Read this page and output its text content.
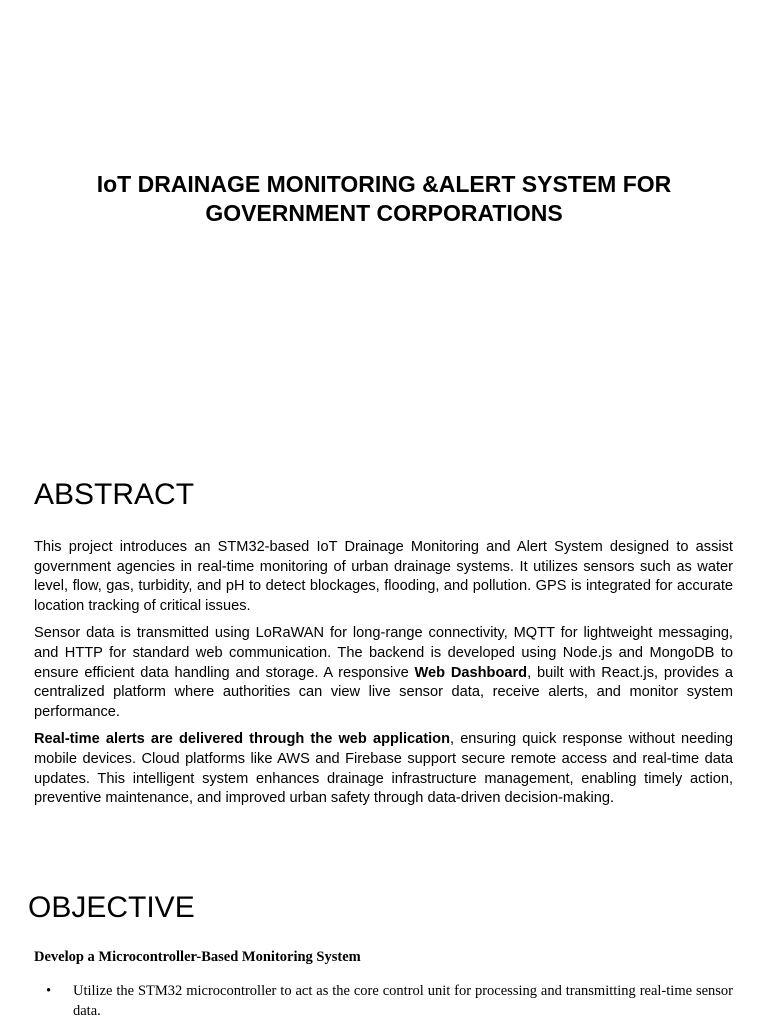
IoT DRAINAGE MONITORING &ALERT SYSTEM FOR
GOVERNMENT CORPORATIONS
ABSTRACT

This project introduces an STM32-based IoT Drainage Monitoring and Alert System designed to assist government agencies in real-time monitoring of urban drainage systems. It utilizes sensors such as water level, flow, gas, turbidity, and pH to detect blockages, flooding, and pollution. GPS is integrated for accurate location tracking of critical issues.

Sensor data is transmitted using LoRaWAN for long-range connectivity, MQTT for lightweight messaging, and HTTP for standard web communication. The backend is developed using Node.js and MongoDB to ensure efficient data handling and storage. A responsive Web Dashboard, built with React.js, provides a centralized platform where authorities can view live sensor data, receive alerts, and monitor system performance.

Real-time alerts are delivered through the web application, ensuring quick response without needing mobile devices. Cloud platforms like AWS and Firebase support secure remote access and real-time data updates. This intelligent system enhances drainage infrastructure management, enabling timely action, preventive maintenance, and improved urban safety through data-driven decision-making.

OBJECTIVE

Develop a Microcontroller-Based Monitoring System

• Utilize the STM32 microcontroller to act as the core control unit for processing and transmitting real-time sensor data.
